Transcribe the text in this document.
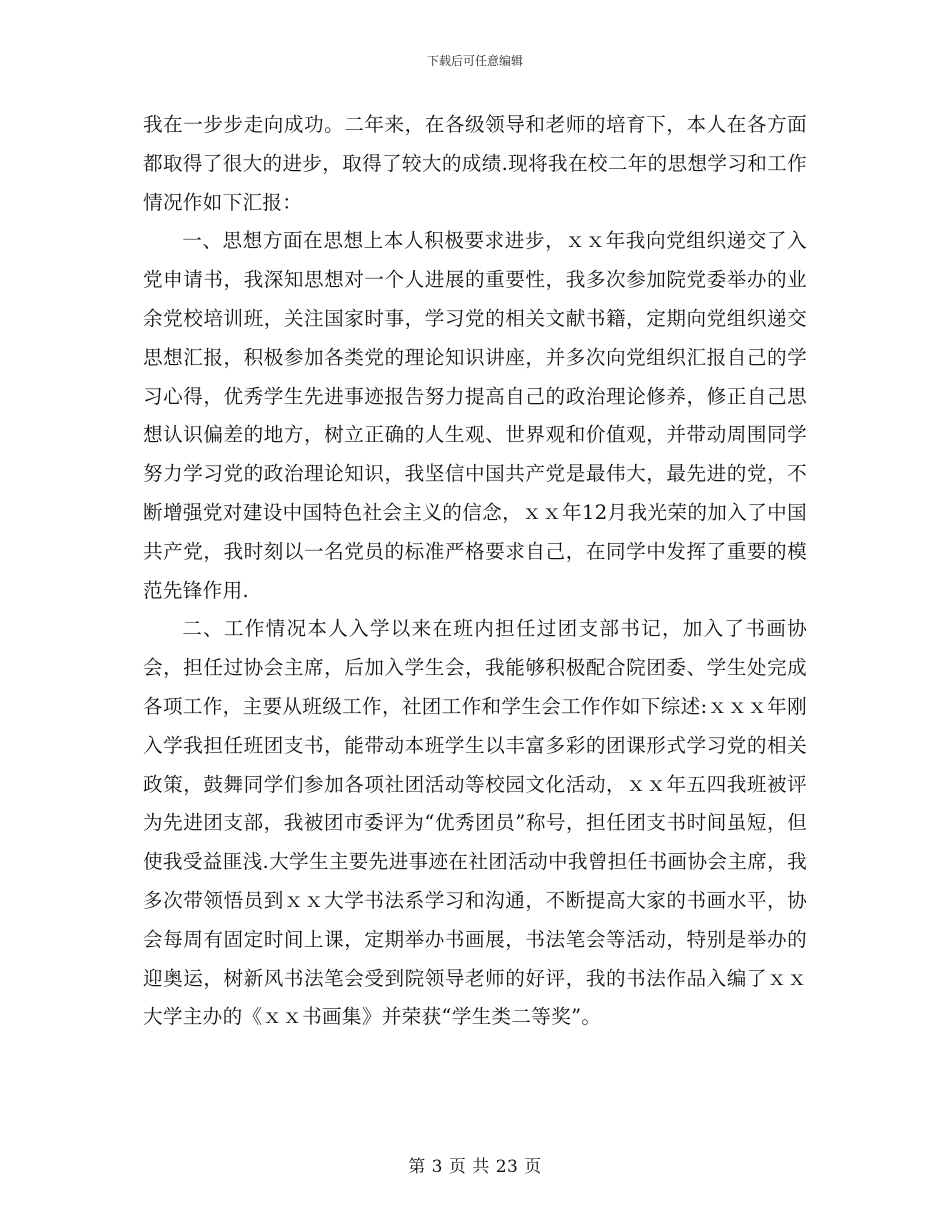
下载后可任意编辑

我在一步步走向成功。二年来，在各级领导和老师的培育下，本人在各方面都取得了很大的进步，取得了较大的成绩.现将我在校二年的思想学习和工作情况作如下汇报：

一、思想方面在思想上本人积极要求进步，ｘｘ年我向党组织递交了入党申请书，我深知思想对一个人进展的重要性，我多次参加院党委举办的业余党校培训班，关注国家时事，学习党的相关文献书籍，定期向党组织递交思想汇报，积极参加各类党的理论知识讲座，并多次向党组织汇报自己的学习心得，优秀学生先进事迹报告努力提高自己的政治理论修养，修正自己思想认识偏差的地方，树立正确的人生观、世界观和价值观，并带动周围同学努力学习党的政治理论知识，我坚信中国共产党是最伟大，最先进的党，不断增强党对建设中国特色社会主义的信念，ｘｘ年12月我光荣的加入了中国共产党，我时刻以一名党员的标准严格要求自己，在同学中发挥了重要的模范先锋作用.

二、工作情况本人入学以来在班内担任过团支部书记，加入了书画协会，担任过协会主席，后加入学生会，我能够积极配合院团委、学生处完成各项工作，主要从班级工作，社团工作和学生会工作作如下综述:ｘｘｘ年刚入学我担任班团支书，能带动本班学生以丰富多彩的团课形式学习党的相关政策，鼓舞同学们参加各项社团活动等校园文化活动，ｘｘ年五四我班被评为先进团支部，我被团市委评为“优秀团员”称号，担任团支书时间虽短，但使我受益匪浅.大学生主要先进事迹在社团活动中我曾担任书画协会主席，我多次带领悟员到ｘｘ大学书法系学习和沟通，不断提高大家的书画水平，协会每周有固定时间上课，定期举办书画展，书法笔会等活动，特别是举办的迎奥运，树新风书法笔会受到院领导老师的好评，我的书法作品入编了ｘｘ大学主办的《ｘｘ书画集》并荣获“学生类二等奖”。

第 3 页 共 23 页
